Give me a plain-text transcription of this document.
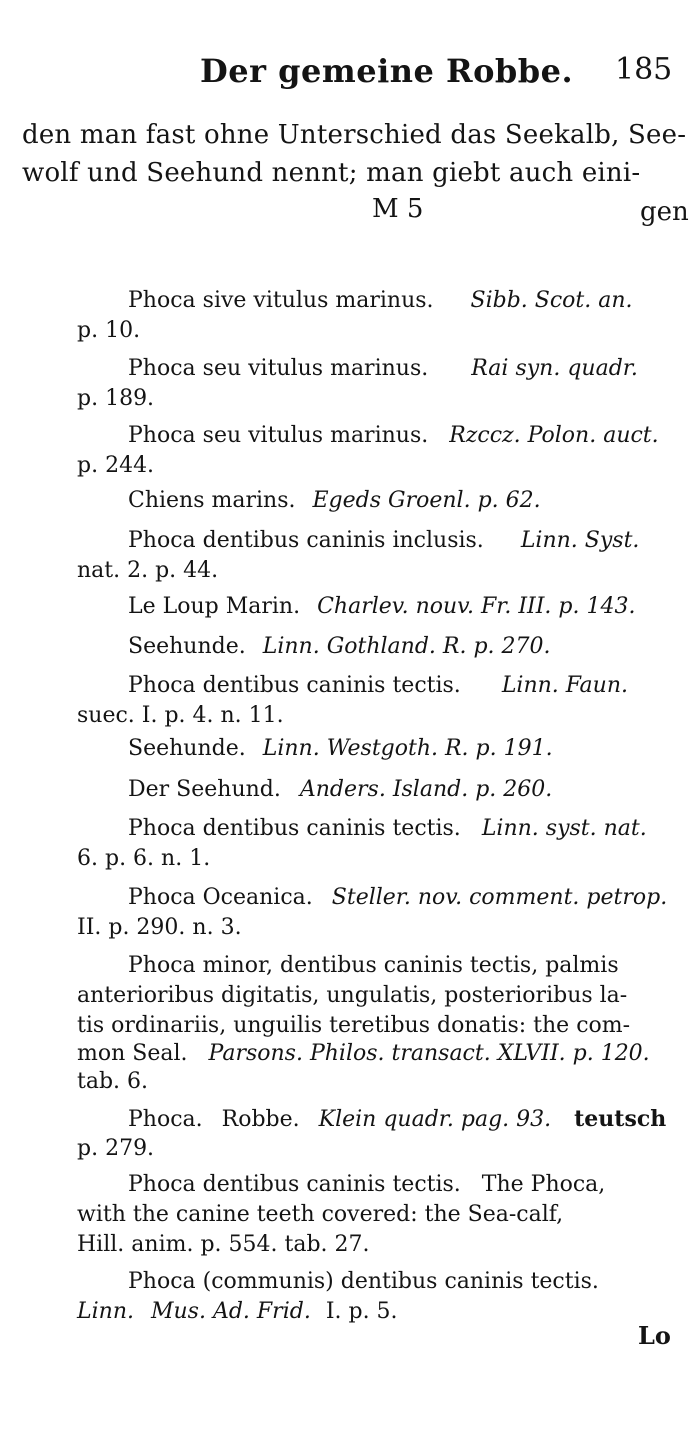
Der gemeine Robbe. 185
den man fast ohne Unterschied das Seekalb, See-
wolf und Seehund nennt; man giebt auch eini-
M 5	gen
Phoca sive vitulus marinus. Sibb. Scot. an.
p. 10.
Phoca seu vitulus marinus. Rai syn. quadr.
p. 189.
Phoca seu vitulus marinus. Rzccz. Polon. auct.
p. 244.
Chiens marins. Egeds Groenl. p. 62.
Phoca dentibus caninis inclusis. Linn. Syst.
nat. 2. p. 44.
Le Loup Marin. Charlev. nouv. Fr. III. p. 143.
Seehunde. Linn. Gothland. R. p. 270.
Phoca dentibus caninis tectis. Linn. Faun.
suec. I. p. 4. n. 11.
Seehunde. Linn. Westgoth. R. p. 191.
Der Seehund. Anders. Island. p. 260.
Phoca dentibus caninis tectis. Linn. syst. nat.
6. p. 6. n. 1.
Phoca Oceanica. Steller. nov. comment. petrop.
II. p. 290. n. 3.
Phoca minor, dentibus caninis tectis, palmis
anterioribus digitatis, ungulatis, posterioribus la-
tis ordinariis, unguilis teretibus donatis: the com-
mon Seal. Parsons. Philos. transact. XLVII. p. 120.
tab. 6.
Phoca. Robbe. Klein quadr. pag. 93. teutsch
p. 279.
Phoca dentibus caninis tectis.   The Phoca,
with the canine teeth covered: the Sea-calf,
Hill. anim. p. 554. tab. 27.
Phoca (communis) dentibus caninis tectis.
Linn. Mus. Ad. Frid. I. p. 5.
Lo
